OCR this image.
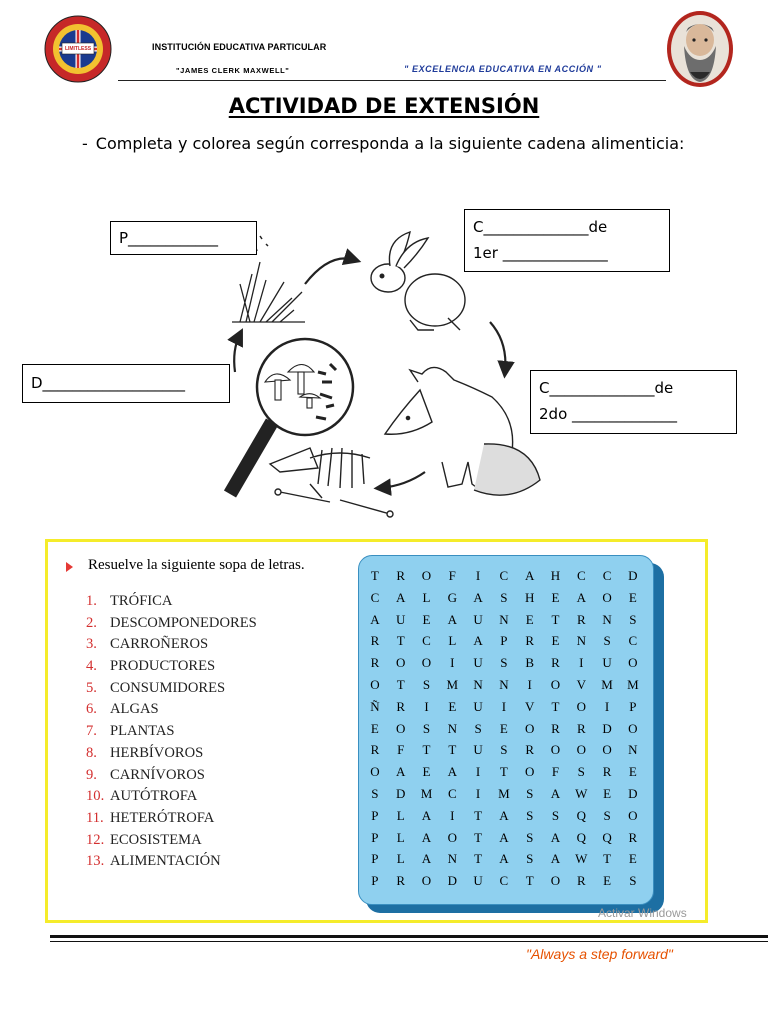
LIMITLESS	INSTITUCIÓN EDUCATIVA PARTICULAR
"JAMES CLERK MAXWELL"	" EXCELENCIA EDUCATIVA EN ACCIÓN "
ACTIVIDAD DE EXTENSIÓN
- Completa y colorea según corresponda a la siguiente cadena alimenticia:
P____________
C______________de
1er ______________
D___________________	C______________de
2do ______________
Resuelve la siguiente sopa de letras.
1. TRÓFICA
2. DESCOMPONEDORES
3. CARROÑEROS
4. PRODUCTORES
5. CONSUMIDORES
6. ALGAS
7. PLANTAS
8. HERBÍVOROS
9. CARNÍVOROS
10. AUTÓTROFA
11. HETERÓTROFA
12. ECOSISTEMA
13. ALIMENTACIÓN
T	R	O	F	I	C	A	H	C	C	D
C	A	L	G	A	S	H	E	A	O	E
A	U	E	A	U	N	E	T	R	N	S
R	T	C	L	A	P	R	E	N	S	C
R	O	O	I	U	S	B	R	I	U	O
O	T	S	M	N	N	I	O	V	M	M
Ñ	R	I	E	U	I	V	T	O	I	P
E	O	S	N	S	E	O	R	R	D	O
R	F	T	T	U	S	R	O	O	O	N
O	A	E	A	I	T	O	F	S	R	E
S	D	M	C	I	M	S	A	W	E	D
P	L	A	I	T	A	S	S	Q	S	O
P	L	A	O	T	A	S	A	Q	Q	R
P	L	A	N	T	A	S	A	W	T	E
P	R	O	D	U	C	T	O	R	E	S
Activar Windows
"Always a step forward"
